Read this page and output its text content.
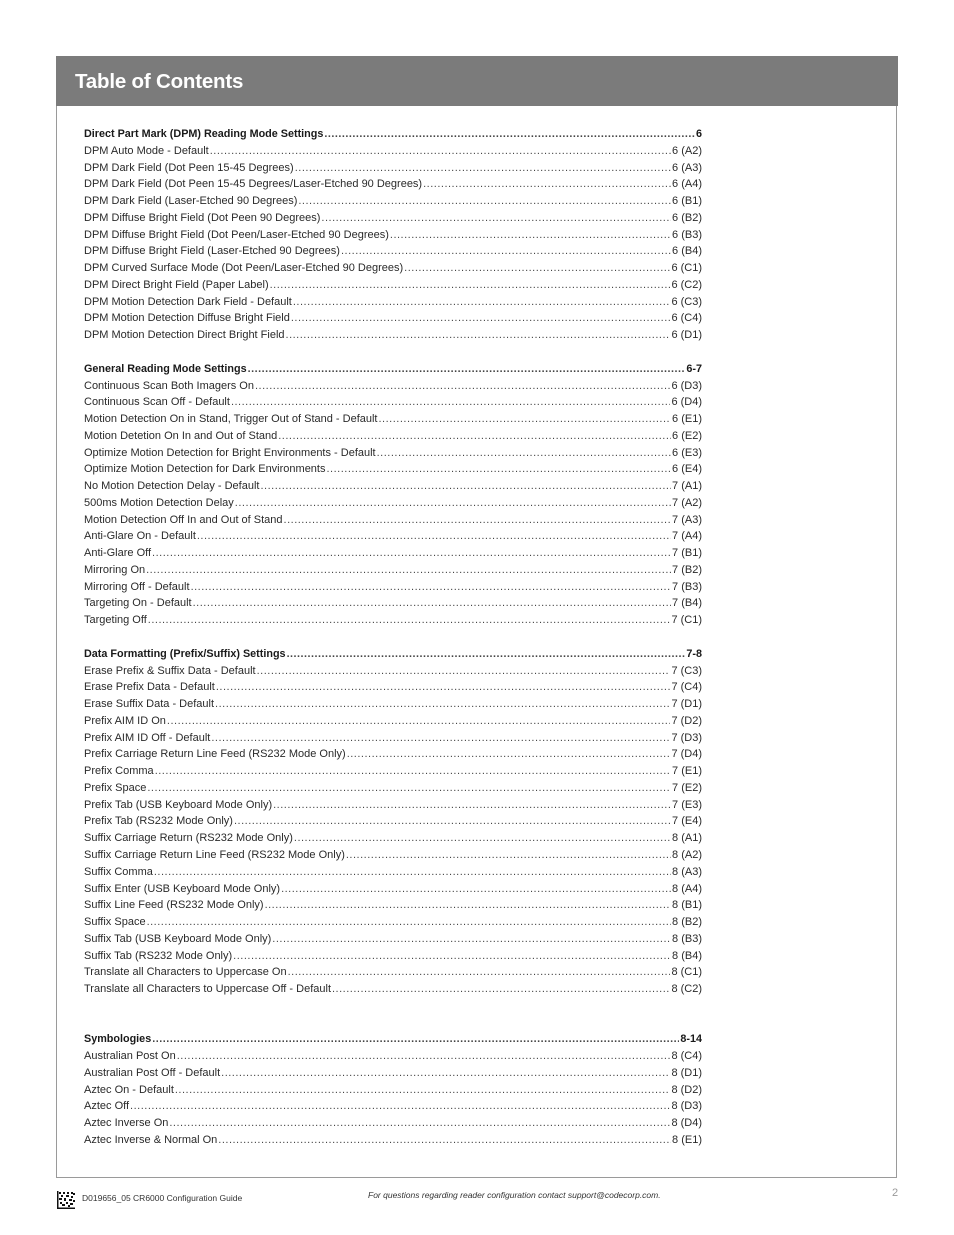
Table of Contents
Direct Part Mark (DPM) Reading Mode Settings .....	6
DPM Auto Mode - Default .....	6 (A2)
DPM Dark Field (Dot Peen 15-45 Degrees) .....	6 (A3)
DPM Dark Field (Dot Peen 15-45 Degrees/Laser-Etched 90 Degrees) .....	6 (A4)
DPM Dark Field (Laser-Etched 90 Degrees) .....	6 (B1)
DPM Diffuse Bright Field (Dot Peen 90 Degrees) .....	6 (B2)
DPM Diffuse Bright Field (Dot Peen/Laser-Etched 90 Degrees) .....	6 (B3)
DPM Diffuse Bright Field (Laser-Etched 90 Degrees) .....	6 (B4)
DPM Curved Surface Mode (Dot Peen/Laser-Etched 90 Degrees) .....	6 (C1)
DPM Direct Bright Field (Paper Label) .....	6 (C2)
DPM Motion Detection Dark Field - Default .....	6 (C3)
DPM Motion Detection Diffuse Bright Field .....	6 (C4)
DPM Motion Detection Direct Bright Field .....	6 (D1)
General Reading Mode Settings .....	6-7
Continuous Scan Both Imagers On .....	6 (D3)
Continuous Scan Off - Default .....	6 (D4)
Motion Detection On in Stand, Trigger Out of Stand - Default .....	6 (E1)
Motion Detetion On In and Out of Stand .....	6 (E2)
Optimize Motion Detection for Bright Environments - Default .....	6 (E3)
Optimize Motion Detection for Dark Environments .....	6 (E4)
No Motion Detection Delay - Default .....	7 (A1)
500ms Motion Detection Delay .....	7 (A2)
Motion Detection Off In and Out of Stand .....	7 (A3)
Anti-Glare On - Default .....	7 (A4)
Anti-Glare Off .....	7 (B1)
Mirroring On .....	7 (B2)
Mirroring Off - Default .....	7 (B3)
Targeting On - Default .....	7 (B4)
Targeting Off .....	7 (C1)
Data Formatting (Prefix/Suffix) Settings .....	7-8
Erase Prefix & Suffix Data - Default .....	7 (C3)
Erase Prefix Data - Default .....	7 (C4)
Erase Suffix Data - Default .....	7 (D1)
Prefix AIM ID On .....	7 (D2)
Prefix AIM ID Off - Default .....	7 (D3)
Prefix Carriage Return Line Feed (RS232 Mode Only) .....	7 (D4)
Prefix Comma .....	7 (E1)
Prefix Space .....	7 (E2)
Prefix Tab (USB Keyboard Mode Only) .....	7 (E3)
Prefix Tab (RS232 Mode Only) .....	7 (E4)
Suffix Carriage Return (RS232 Mode Only) .....	8 (A1)
Suffix Carriage Return Line Feed (RS232 Mode Only) .....	8 (A2)
Suffix Comma .....	8 (A3)
Suffix Enter (USB Keyboard Mode Only) .....	8 (A4)
Suffix Line Feed (RS232 Mode Only) .....	8 (B1)
Suffix Space .....	8 (B2)
Suffix Tab (USB Keyboard Mode Only) .....	8 (B3)
Suffix Tab (RS232 Mode Only) .....	8 (B4)
Translate all Characters to Uppercase On .....	8 (C1)
Translate all Characters to Uppercase Off - Default .....	8 (C2)
Symbologies .....	8-14
Australian Post On .....	8 (C4)
Australian Post Off - Default .....	8 (D1)
Aztec On - Default .....	8 (D2)
Aztec Off .....	8 (D3)
Aztec Inverse On .....	8 (D4)
Aztec Inverse & Normal On .....	8 (E1)
D019656_05 CR6000 Configuration Guide	For questions regarding reader configuration contact support@codecorp.com.	2
